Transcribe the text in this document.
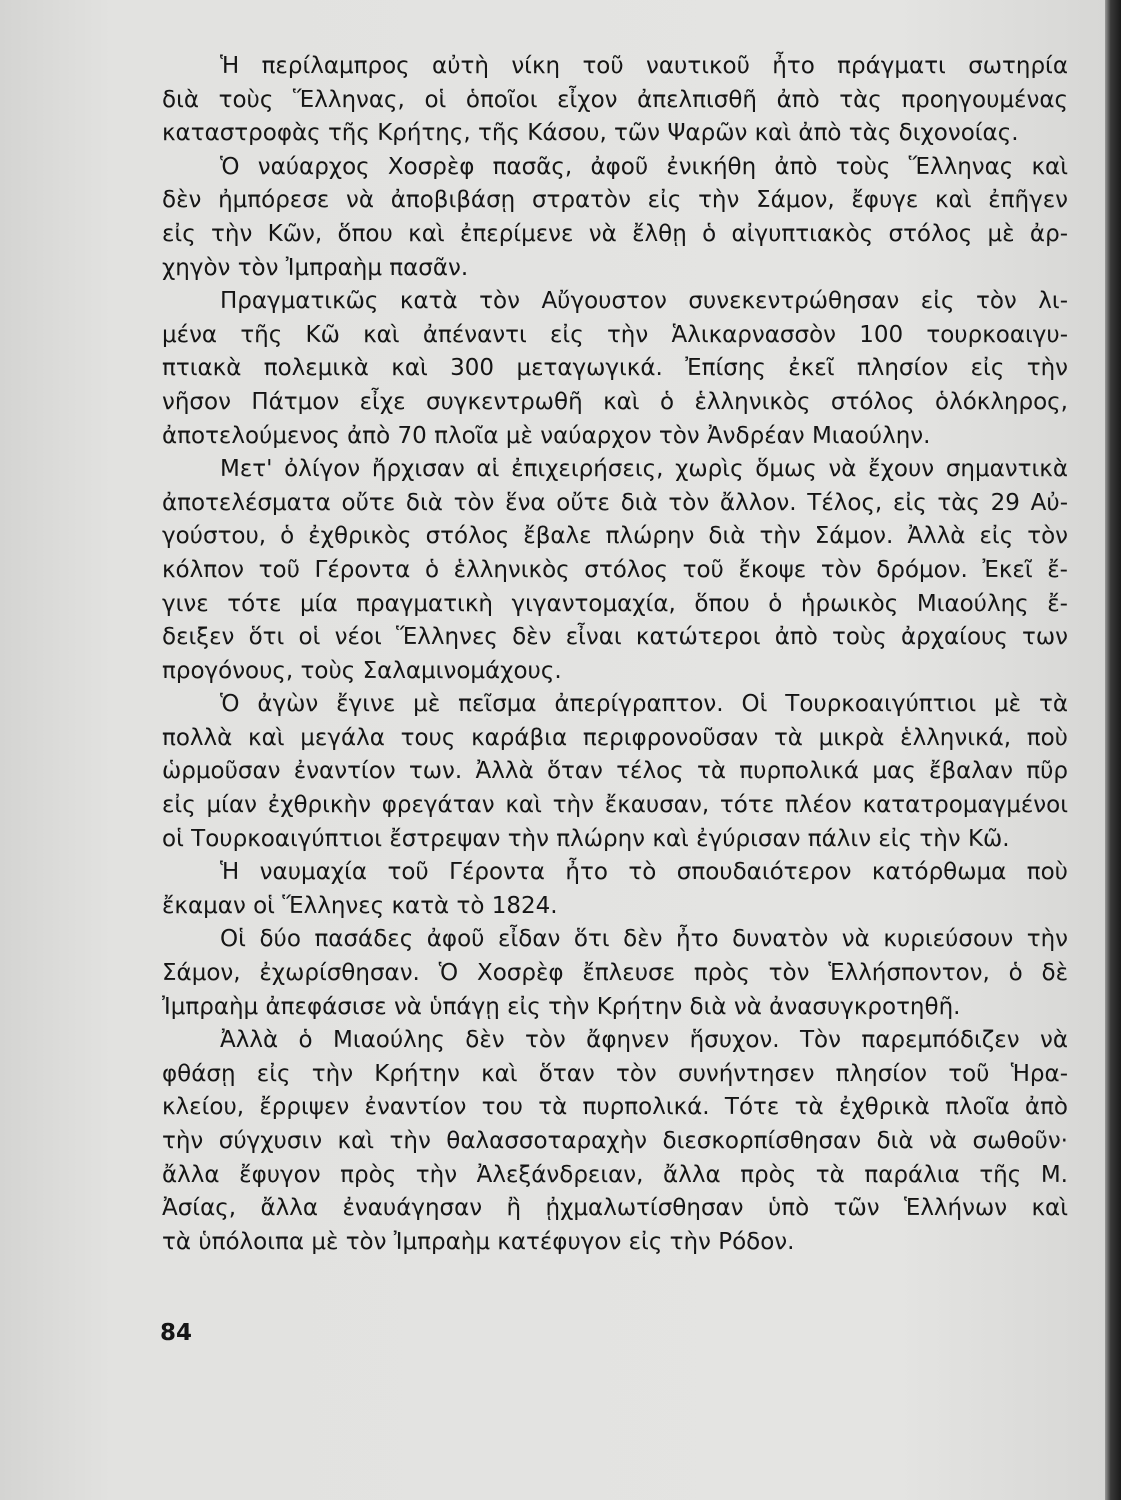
Ἡ περίλαμπρος αὐτὴ νίκη τοῦ ναυτικοῦ ἦτο πράγματι σωτηρία
διὰ τοὺς Ἕλληνας, οἱ ὁποῖοι εἶχον ἀπελπισθῆ ἀπὸ τὰς προηγουμένας
καταστροφὰς τῆς Κρήτης, τῆς Κάσου, τῶν Ψαρῶν καὶ ἀπὸ τὰς διχονοίας.
Ὁ ναύαρχος Χοσρὲφ πασᾶς, ἀφοῦ ἐνικήθη ἀπὸ τοὺς Ἕλληνας καὶ
δὲν ἠμπόρεσε νὰ ἀποβιβάσῃ στρατὸν εἰς τὴν Σάμον, ἔφυγε καὶ ἐπῆγεν
εἰς τὴν Κῶν, ὅπου καὶ ἐπερίμενε νὰ ἔλθῃ ὁ αἰγυπτιακὸς στόλος μὲ ἀρ-
χηγὸν τὸν Ἰμπραὴμ πασᾶν.
Πραγματικῶς κατὰ τὸν Αὔγουστον συνεκεντρώθησαν εἰς τὸν λι-
μένα τῆς Κῶ καὶ ἀπέναντι εἰς τὴν Ἁλικαρνασσὸν 100 τουρκοαιγυ-
πτιακὰ πολεμικὰ καὶ 300 μεταγωγικά. Ἐπίσης ἐκεῖ πλησίον εἰς τὴν
νῆσον Πάτμον εἶχε συγκεντρωθῆ καὶ ὁ ἑλληνικὸς στόλος ὁλόκληρος,
ἀποτελούμενος ἀπὸ 70 πλοῖα μὲ ναύαρχον τὸν Ἀνδρέαν Μιαούλην.
Μετ' ὀλίγον ἤρχισαν αἱ ἐπιχειρήσεις, χωρὶς ὅμως νὰ ἔχουν σημαντικὰ
ἀποτελέσματα οὔτε διὰ τὸν ἕνα οὔτε διὰ τὸν ἄλλον. Τέλος, εἰς τὰς 29 Αὐ-
γούστου, ὁ ἐχθρικὸς στόλος ἔβαλε πλώρην διὰ τὴν Σάμον. Ἀλλὰ εἰς τὸν
κόλπον τοῦ Γέροντα ὁ ἑλληνικὸς στόλος τοῦ ἔκοψε τὸν δρόμον. Ἐκεῖ ἔ-
γινε τότε μία πραγματικὴ γιγαντομαχία, ὅπου ὁ ἡρωικὸς Μιαούλης ἔ-
δειξεν ὅτι οἱ νέοι Ἕλληνες δὲν εἶναι κατώτεροι ἀπὸ τοὺς ἀρχαίους των
προγόνους, τοὺς Σαλαμινομάχους.
Ὁ ἀγὼν ἔγινε μὲ πεῖσμα ἀπερίγραπτον. Οἱ Τουρκοαιγύπτιοι μὲ τὰ
πολλὰ καὶ μεγάλα τους καράβια περιφρονοῦσαν τὰ μικρὰ ἑλληνικά, ποὺ
ὡρμοῦσαν ἐναντίον των. Ἀλλὰ ὅταν τέλος τὰ πυρπολικά μας ἔβαλαν πῦρ
εἰς μίαν ἐχθρικὴν φρεγάταν καὶ τὴν ἔκαυσαν, τότε πλέον κατατρομαγμένοι
οἱ Τουρκοαιγύπτιοι ἔστρεψαν τὴν πλώρην καὶ ἐγύρισαν πάλιν εἰς τὴν Κῶ.
Ἡ ναυμαχία τοῦ Γέροντα ἦτο τὸ σπουδαιότερον κατόρθωμα ποὺ
ἔκαμαν οἱ Ἕλληνες κατὰ τὸ 1824.
Οἱ δύο πασάδες ἀφοῦ εἶδαν ὅτι δὲν ἦτο δυνατὸν νὰ κυριεύσουν τὴν
Σάμον, ἐχωρίσθησαν. Ὁ Χοσρὲφ ἔπλευσε πρὸς τὸν Ἑλλήσποντον, ὁ δὲ
Ἰμπραὴμ ἀπεφάσισε νὰ ὑπάγῃ εἰς τὴν Κρήτην διὰ νὰ ἀνασυγκροτηθῆ.
Ἀλλὰ ὁ Μιαούλης δὲν τὸν ἄφηνεν ἥσυχον. Τὸν παρεμπόδιζεν νὰ
φθάσῃ εἰς τὴν Κρήτην καὶ ὅταν τὸν συνήντησεν πλησίον τοῦ Ἡρα-
κλείου, ἔρριψεν ἐναντίον του τὰ πυρπολικά. Τότε τὰ ἐχθρικὰ πλοῖα ἀπὸ
τὴν σύγχυσιν καὶ τὴν θαλασσοταραχὴν διεσκορπίσθησαν διὰ νὰ σωθοῦν·
ἄλλα ἔφυγον πρὸς τὴν Ἀλεξάνδρειαν, ἄλλα πρὸς τὰ παράλια τῆς Μ.
Ἀσίας, ἄλλα ἐναυάγησαν ἢ ᾐχμαλωτίσθησαν ὑπὸ τῶν Ἑλλήνων καὶ
τὰ ὑπόλοιπα μὲ τὸν Ἰμπραὴμ κατέφυγον εἰς τὴν Ρόδον.
84
